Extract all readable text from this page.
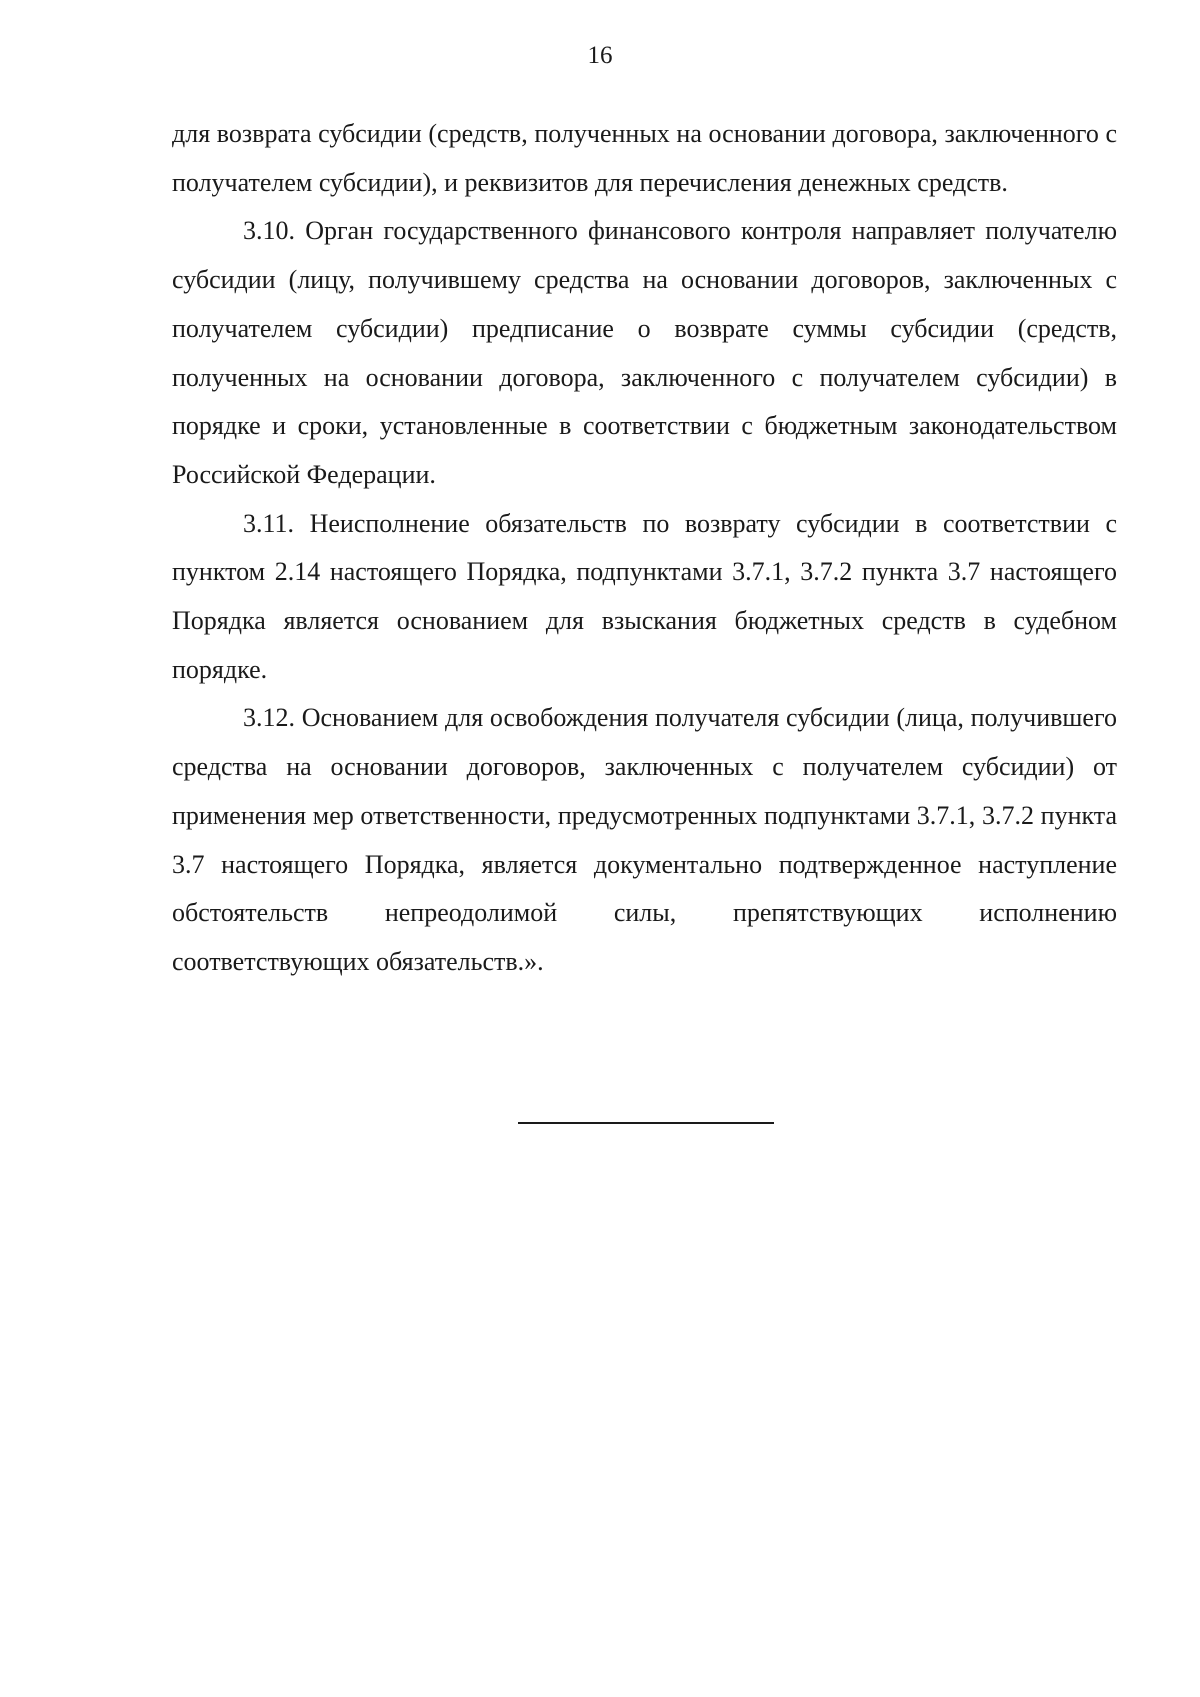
16

для возврата субсидии (средств, полученных на основании договора, заключенного с получателем субсидии), и реквизитов для перечисления денежных средств.

3.10. Орган государственного финансового контроля направляет получателю субсидии (лицу, получившему средства на основании договоров, заключенных с получателем субсидии) предписание о возврате суммы субсидии (средств, полученных на основании договора, заключенного с получателем субсидии) в порядке и сроки, установленные в соответствии с бюджетным законодательством Российской Федерации.

3.11. Неисполнение обязательств по возврату субсидии в соответствии с пунктом 2.14 настоящего Порядка, подпунктами 3.7.1, 3.7.2 пункта 3.7 настоящего Порядка является основанием для взыскания бюджетных средств в судебном порядке.

3.12. Основанием для освобождения получателя субсидии (лица, получившего средства на основании договоров, заключенных с получателем субсидии) от применения мер ответственности, предусмотренных подпунктами 3.7.1, 3.7.2 пункта 3.7 настоящего Порядка, является документально подтвержденное наступление обстоятельств непреодолимой силы, препятствующих исполнению соответствующих обязательств.».
